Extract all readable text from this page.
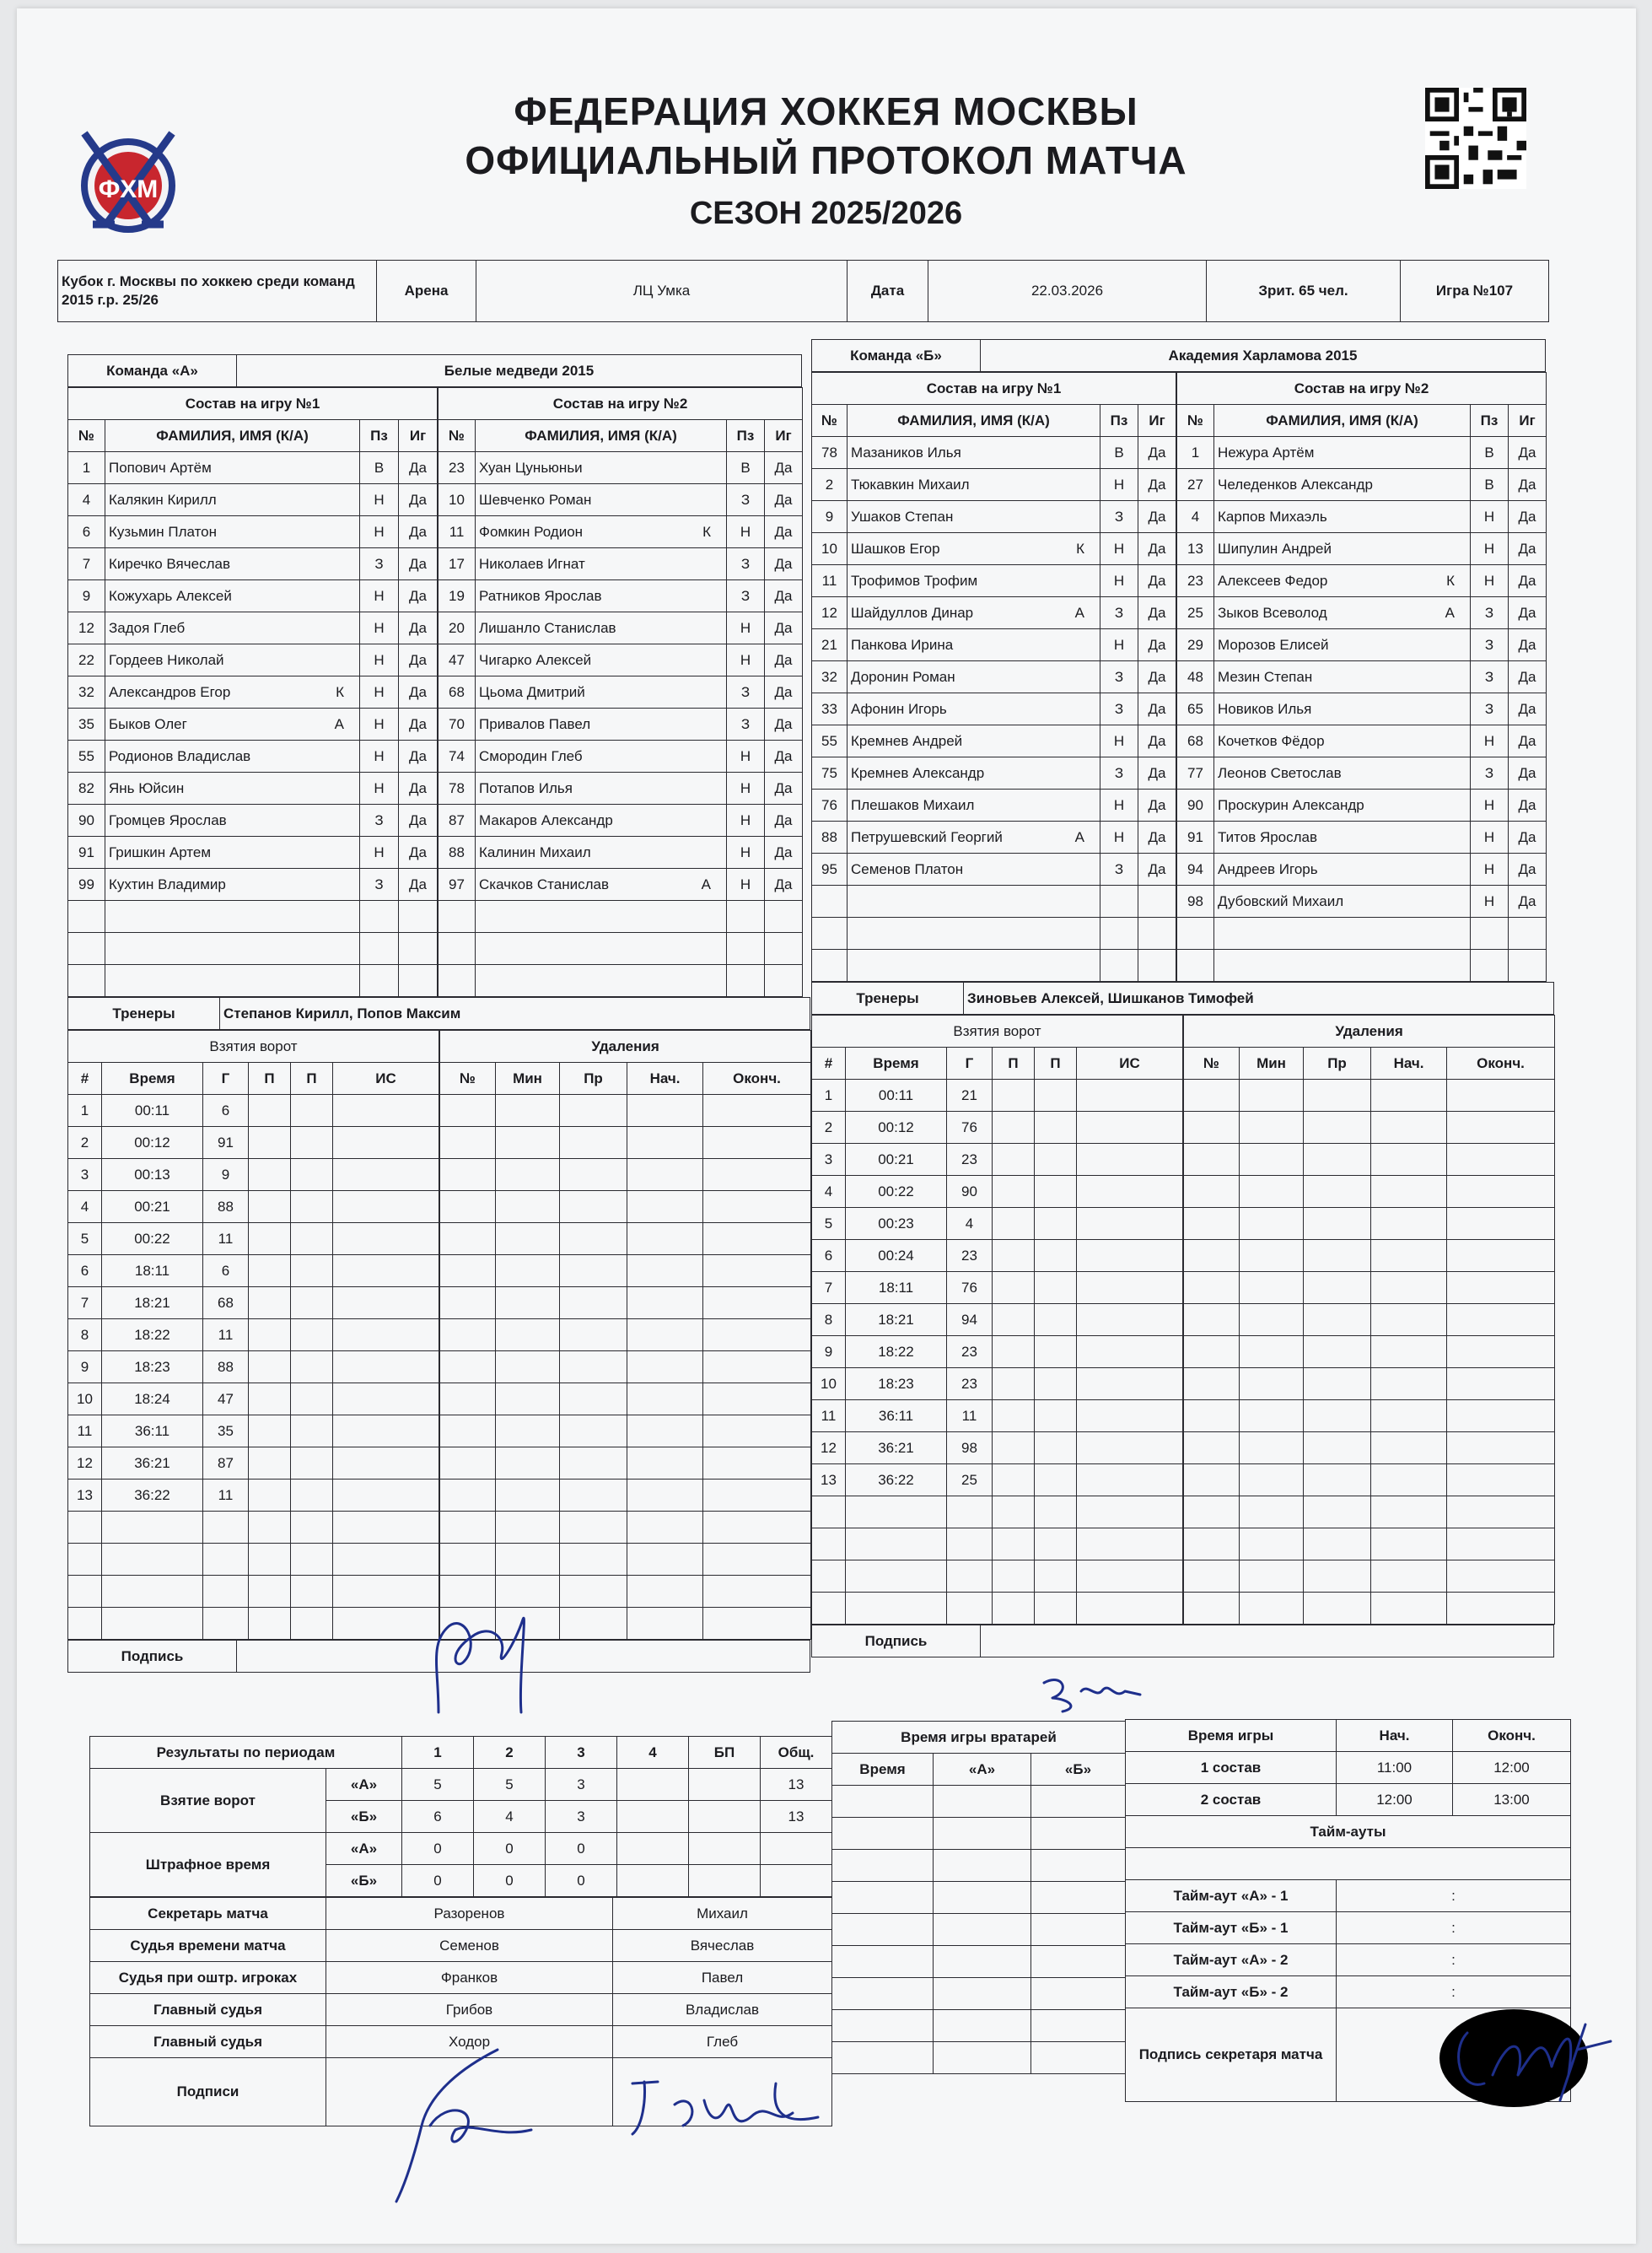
ФХМ
ФЕДЕРАЦИЯ ХОККЕЯ МОСКВЫ
ОФИЦИАЛЬНЫЙ ПРОТОКОЛ МАТЧА
СЕЗОН 2025/2026
Кубок г. Москвы по хоккею среди команд 2015 г.р. 25/26	Арена	ЛЦ Умка	Дата	22.03.2026	Зрит. 65 чел.	Игра №107
Команда «А»	Белые медведи 2015
Состав на игру №1			
№	ФАМИЛИЯ, ИМЯ (К/А)	Пз	Иг
1	Попович Артём	В	Да
4	Калякин Кирилл	Н	Да
6	Кузьмин Платон	Н	Да
7	Киречко Вячеслав	З	Да
9	Кожухарь Алексей	Н	Да
12	Задоя Глеб	Н	Да
22	Гордеев Николай	Н	Да
32	Александров Егор К	Н	Да
35	Быков Олег А	Н	Да
55	Родионов Владислав	Н	Да
82	Янь Юйсин	Н	Да
90	Громцев Ярослав	З	Да
91	Гришкин Артем	Н	Да
99	Кухтин Владимир	З	Да

Состав на игру №2			
№	ФАМИЛИЯ, ИМЯ (К/А)	Пз	Иг
23	Хуан Цуньюньи	В	Да
10	Шевченко Роман	З	Да
11	Фомкин Родион К	Н	Да
17	Николаев Игнат	З	Да
19	Ратников Ярослав	З	Да
20	Лишанло Станислав	Н	Да
47	Чигарко Алексей	Н	Да
68	Цьома Дмитрий	З	Да
70	Привалов Павел	З	Да
74	Смородин Глеб	Н	Да
78	Потапов Илья	Н	Да
87	Макаров Александр	Н	Да
88	Калинин Михаил	Н	Да
97	Скачков Станислав А	Н	Да

Тренеры	Степанов Кирилл, Попов Максим
Взятия ворот					
#	Время	Г	П	П	ИС
1	00:11	6			
2	00:12	91			
3	00:13	9			
4	00:21	88			
5	00:22	11			
6	18:11	6			
7	18:21	68			
8	18:22	11			
9	18:23	88			
10	18:24	47			
11	36:11	35			
12	36:21	87			
13	36:22	11			

Удаления				
№	Мин	Пр	Нач.	Оконч.

Подпись	
Команда «Б»	Академия Харламова 2015
Состав на игру №1			
№	ФАМИЛИЯ, ИМЯ (К/А)	Пз	Иг
78	Мазаников Илья	В	Да
2	Тюкавкин Михаил	Н	Да
9	Ушаков Степан	З	Да
10	Шашков Егор К	Н	Да
11	Трофимов Трофим	Н	Да
12	Шайдуллов Динар А	З	Да
21	Панкова Ирина	Н	Да
32	Доронин Роман	З	Да
33	Афонин Игорь	З	Да
55	Кремнев Андрей	Н	Да
75	Кремнев Александр	З	Да
76	Плешаков Михаил	Н	Да
88	Петрушевский Георгий А	Н	Да
95	Семенов Платон	З	Да

Состав на игру №2			
№	ФАМИЛИЯ, ИМЯ (К/А)	Пз	Иг
1	Нежура Артём	В	Да
27	Челеденков Александр	В	Да
4	Карпов Михаэль	Н	Да
13	Шипулин Андрей	Н	Да
23	Алексеев Федор К	Н	Да
25	Зыков Всеволод А	З	Да
29	Морозов Елисей	З	Да
48	Мезин Степан	З	Да
65	Новиков Илья	З	Да
68	Кочетков Фёдор	Н	Да
77	Леонов Светослав	З	Да
90	Проскурин Александр	Н	Да
91	Титов Ярослав	Н	Да
94	Андреев Игорь	Н	Да
98	Дубовский Михаил	Н	Да

Тренеры	Зиновьев Алексей, Шишканов Тимофей
Взятия ворот					
#	Время	Г	П	П	ИС
1	00:11	21			
2	00:12	76			
3	00:21	23			
4	00:22	90			
5	00:23	4			
6	00:24	23			
7	18:11	76			
8	18:21	94			
9	18:22	23			
10	18:23	23			
11	36:11	11			
12	36:21	98			
13	36:22	25			

Удаления				
№	Мин	Пр	Нач.	Оконч.

Подпись	
Результаты по периодам		1	2	3	4	БП	Общ.
Взятие ворот	«А»	5	5	3			13
	«Б»	6	4	3			13
Штрафное время	«А»	0	0	0			
	«Б»	0	0	0			
Секретарь матча	Разоренов	Михаил
Судья времени матча	Семенов	Вячеслав
Судья при оштр. игроках	Франков	Павел
Главный судья	Грибов	Владислав
Главный судья	Ходор	Глеб
Подписи		
Время игры вратарей		
Время	«А»	«Б»

Время игры	Нач.	Оконч.
1 состав	11:00	12:00
2 состав	12:00	13:00
Тайм-ауты		

Тайм-аут «А» - 1	:	
Тайм-аут «Б» - 1	:	
Тайм-аут «А» - 2	:	
Тайм-аут «Б» - 2	:	
Подпись секретаря матча		
